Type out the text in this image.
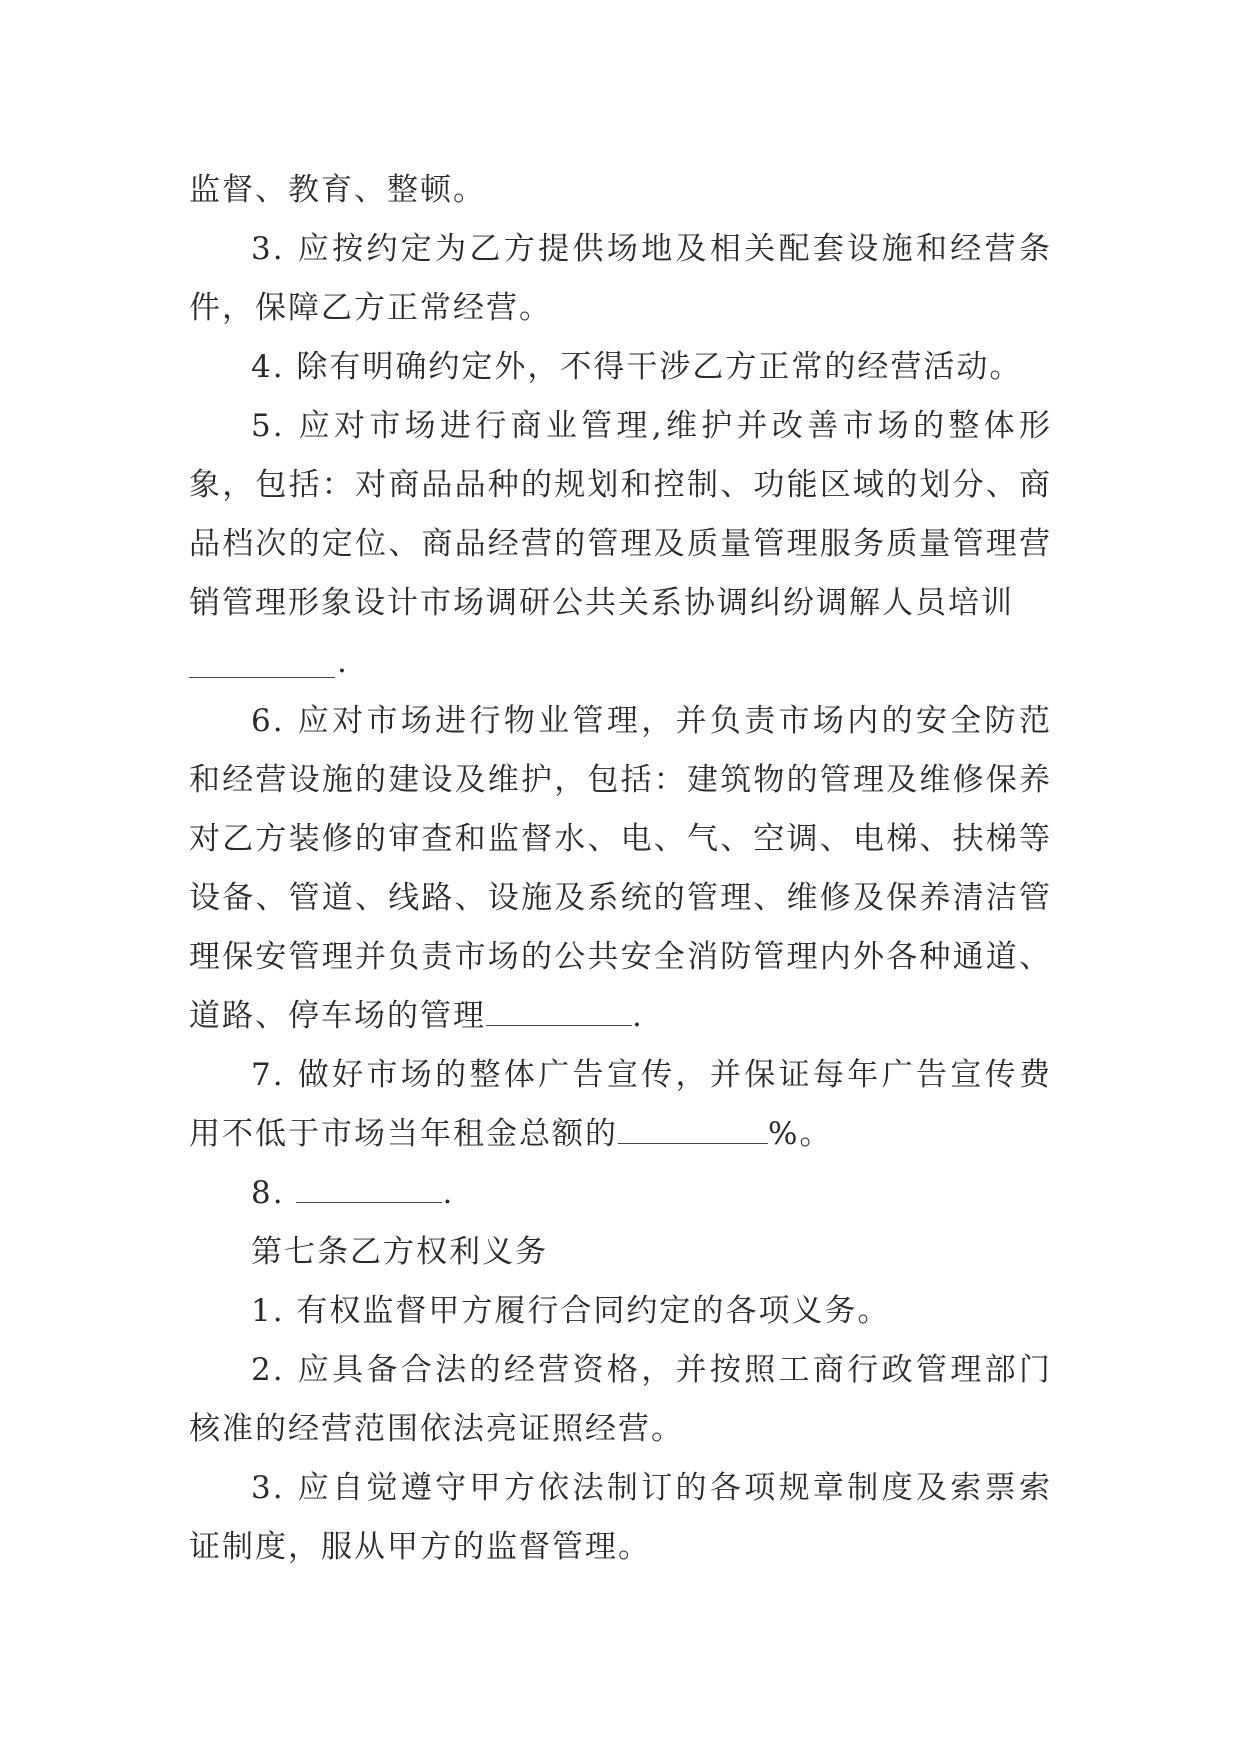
监督、教育、整顿。

3. 应按约定为乙方提供场地及相关配套设施和经营条件，保障乙方正常经营。

4. 除有明确约定外，不得干涉乙方正常的经营活动。

5. 应对市场进行商业管理,维护并改善市场的整体形象，包括：对商品品种的规划和控制、功能区域的划分、商品档次的定位、商品经营的管理及质量管理服务质量管理营销管理形象设计市场调研公共关系协调纠纷调解人员培训

.

6. 应对市场进行物业管理，并负责市场内的安全防范和经营设施的建设及维护，包括：建筑物的管理及维修保养对乙方装修的审查和监督水、电、气、空调、电梯、扶梯等设备、管道、线路、设施及系统的管理、维修及保养清洁管理保安管理并负责市场的公共安全消防管理内外各种通道、道路、停车场的管理	.

7. 做好市场的整体广告宣传，并保证每年广告宣传费用不低于市场当年租金总额的	%。

8.	.

第七条乙方权利义务

1. 有权监督甲方履行合同约定的各项义务。

2. 应具备合法的经营资格，并按照工商行政管理部门核准的经营范围依法亮证照经营。

3. 应自觉遵守甲方依法制订的各项规章制度及索票索证制度，服从甲方的监督管理。
